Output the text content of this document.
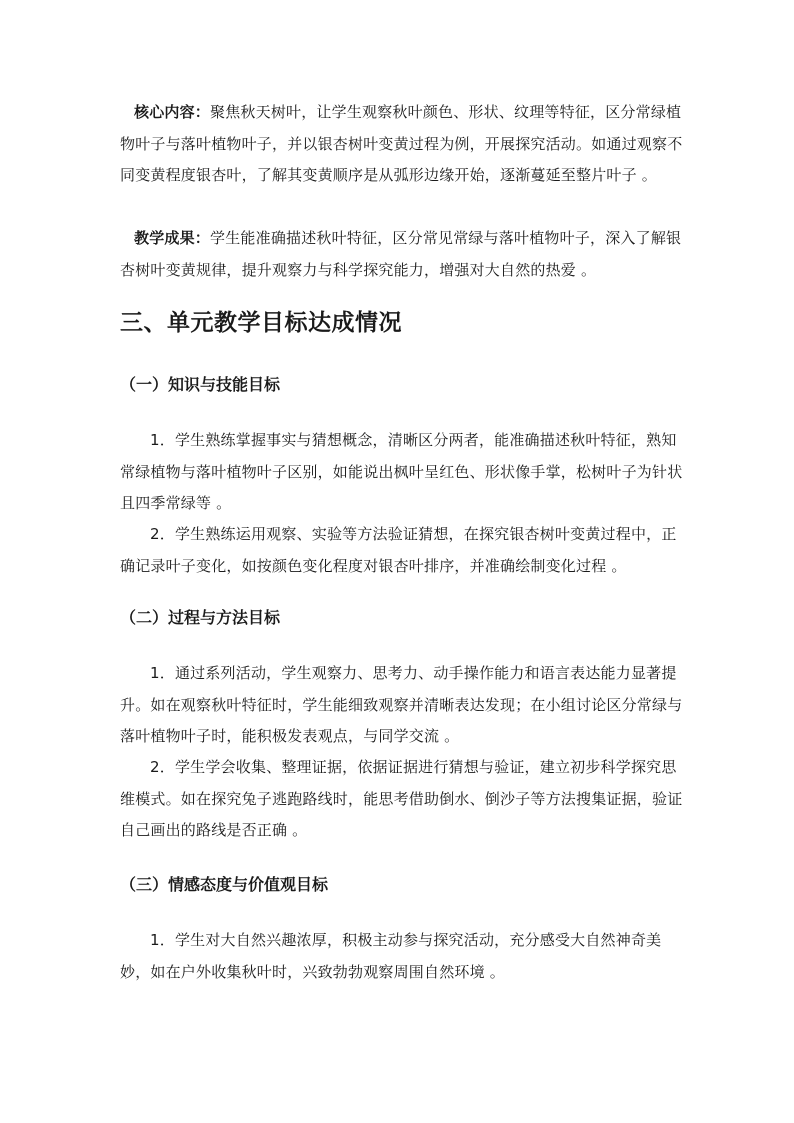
核心内容：聚焦秋天树叶，让学生观察秋叶颜色、形状、纹理等特征，区分常绿植物叶子与落叶植物叶子，并以银杏树叶变黄过程为例，开展探究活动。如通过观察不同变黄程度银杏叶，了解其变黄顺序是从弧形边缘开始，逐渐蔓延至整片叶子 。

教学成果：学生能准确描述秋叶特征，区分常见常绿与落叶植物叶子，深入了解银杏树叶变黄规律，提升观察力与科学探究能力，增强对大自然的热爱 。

三、单元教学目标达成情况
（一）知识与技能目标

1．学生熟练掌握事实与猜想概念，清晰区分两者，能准确描述秋叶特征，熟知常绿植物与落叶植物叶子区别，如能说出枫叶呈红色、形状像手掌，松树叶子为针状且四季常绿等 。

2．学生熟练运用观察、实验等方法验证猜想，在探究银杏树叶变黄过程中，正确记录叶子变化，如按颜色变化程度对银杏叶排序，并准确绘制变化过程 。

（二）过程与方法目标

1．通过系列活动，学生观察力、思考力、动手操作能力和语言表达能力显著提升。如在观察秋叶特征时，学生能细致观察并清晰表达发现；在小组讨论区分常绿与落叶植物叶子时，能积极发表观点，与同学交流 。

2．学生学会收集、整理证据，依据证据进行猜想与验证，建立初步科学探究思维模式。如在探究兔子逃跑路线时，能思考借助倒水、倒沙子等方法搜集证据，验证自己画出的路线是否正确 。

（三）情感态度与价值观目标

1．学生对大自然兴趣浓厚，积极主动参与探究活动，充分感受大自然神奇美妙，如在户外收集秋叶时，兴致勃勃观察周围自然环境 。
